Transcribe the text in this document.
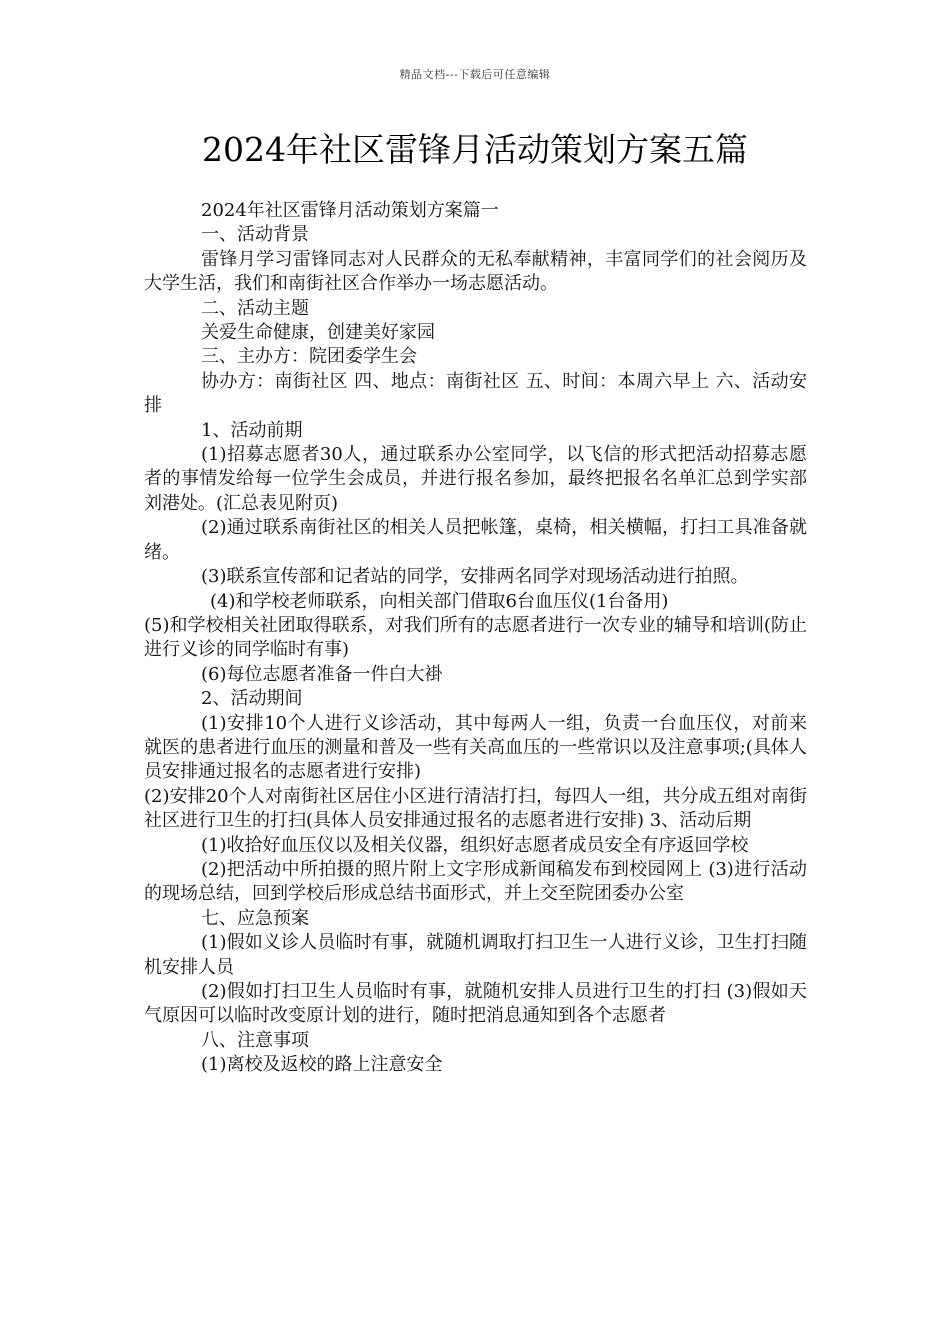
精品文档---下载后可任意编辑
2024年社区雷锋月活动策划方案五篇

2024年社区雷锋月活动策划方案篇一

一、活动背景

雷锋月学习雷锋同志对人民群众的无私奉献精神，丰富同学们的社会阅历及大学生活，我们和南街社区合作举办一场志愿活动。

二、活动主题

关爱生命健康，创建美好家园

三、主办方：院团委学生会

协办方：南街社区 四、地点：南街社区 五、时间：本周六早上 六、活动安排

1、活动前期

(1)招募志愿者30人，通过联系办公室同学，以飞信的形式把活动招募志愿者的事情发给每一位学生会成员，并进行报名参加，最终把报名名单汇总到学实部刘港处。(汇总表见附页)

(2)通过联系南街社区的相关人员把帐篷，桌椅，相关横幅，打扫工具准备就绪。

(3)联系宣传部和记者站的同学，安排两名同学对现场活动进行拍照。

(4)和学校老师联系，向相关部门借取6台血压仪(1台备用)

(5)和学校相关社团取得联系，对我们所有的志愿者进行一次专业的辅导和培训(防止进行义诊的同学临时有事)

(6)每位志愿者准备一件白大褂

2、活动期间

(1)安排10个人进行义诊活动，其中每两人一组，负责一台血压仪，对前来就医的患者进行血压的测量和普及一些有关高血压的一些常识以及注意事项;(具体人员安排通过报名的志愿者进行安排)

(2)安排20个人对南街社区居住小区进行清洁打扫，每四人一组，共分成五组对南街社区进行卫生的打扫(具体人员安排通过报名的志愿者进行安排) 3、活动后期

(1)收拾好血压仪以及相关仪器，组织好志愿者成员安全有序返回学校

(2)把活动中所拍摄的照片附上文字形成新闻稿发布到校园网上 (3)进行活动的现场总结，回到学校后形成总结书面形式，并上交至院团委办公室

七、应急预案

(1)假如义诊人员临时有事，就随机调取打扫卫生一人进行义诊，卫生打扫随机安排人员

(2)假如打扫卫生人员临时有事，就随机安排人员进行卫生的打扫 (3)假如天气原因可以临时改变原计划的进行，随时把消息通知到各个志愿者

八、注意事项

(1)离校及返校的路上注意安全
